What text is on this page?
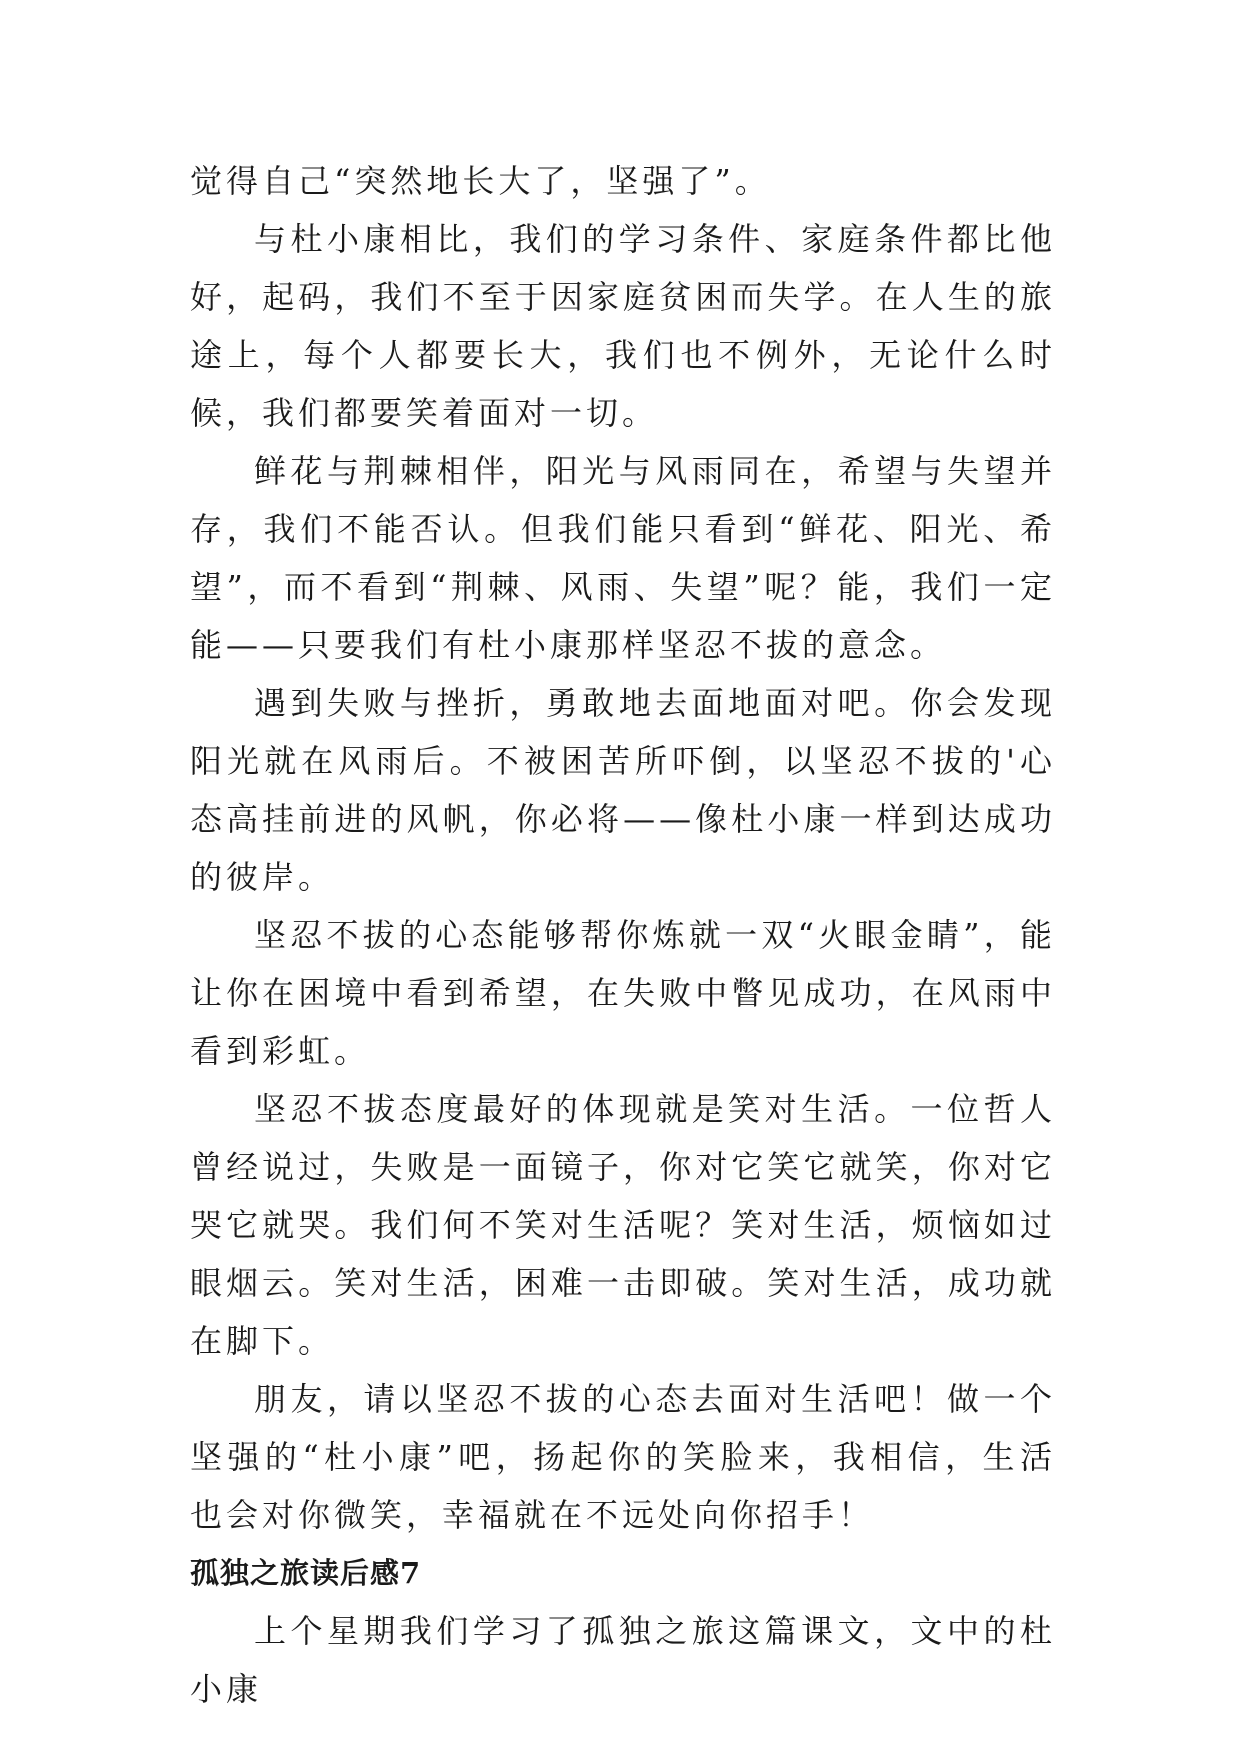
觉得自己“突然地长大了，坚强了”。

与杜小康相比，我们的学习条件、家庭条件都比他好，起码，我们不至于因家庭贫困而失学。在人生的旅途上，每个人都要长大，我们也不例外，无论什么时候，我们都要笑着面对一切。

鲜花与荆棘相伴，阳光与风雨同在，希望与失望并存，我们不能否认。但我们能只看到“鲜花、阳光、希望”，而不看到“荆棘、风雨、失望”呢？能，我们一定能——只要我们有杜小康那样坚忍不拔的意念。

遇到失败与挫折，勇敢地去面地面对吧。你会发现阳光就在风雨后。不被困苦所吓倒，以坚忍不拔的'心态高挂前进的风帆，你必将——像杜小康一样到达成功的彼岸。

坚忍不拔的心态能够帮你炼就一双“火眼金睛”，能让你在困境中看到希望，在失败中瞥见成功，在风雨中看到彩虹。

坚忍不拔态度最好的体现就是笑对生活。一位哲人曾经说过，失败是一面镜子，你对它笑它就笑，你对它哭它就哭。我们何不笑对生活呢？笑对生活，烦恼如过眼烟云。笑对生活，困难一击即破。笑对生活，成功就在脚下。

朋友，请以坚忍不拔的心态去面对生活吧！做一个坚强的“杜小康”吧，扬起你的笑脸来，我相信，生活也会对你微笑，幸福就在不远处向你招手！

孤独之旅读后感7

上个星期我们学习了孤独之旅这篇课文，文中的杜小康
